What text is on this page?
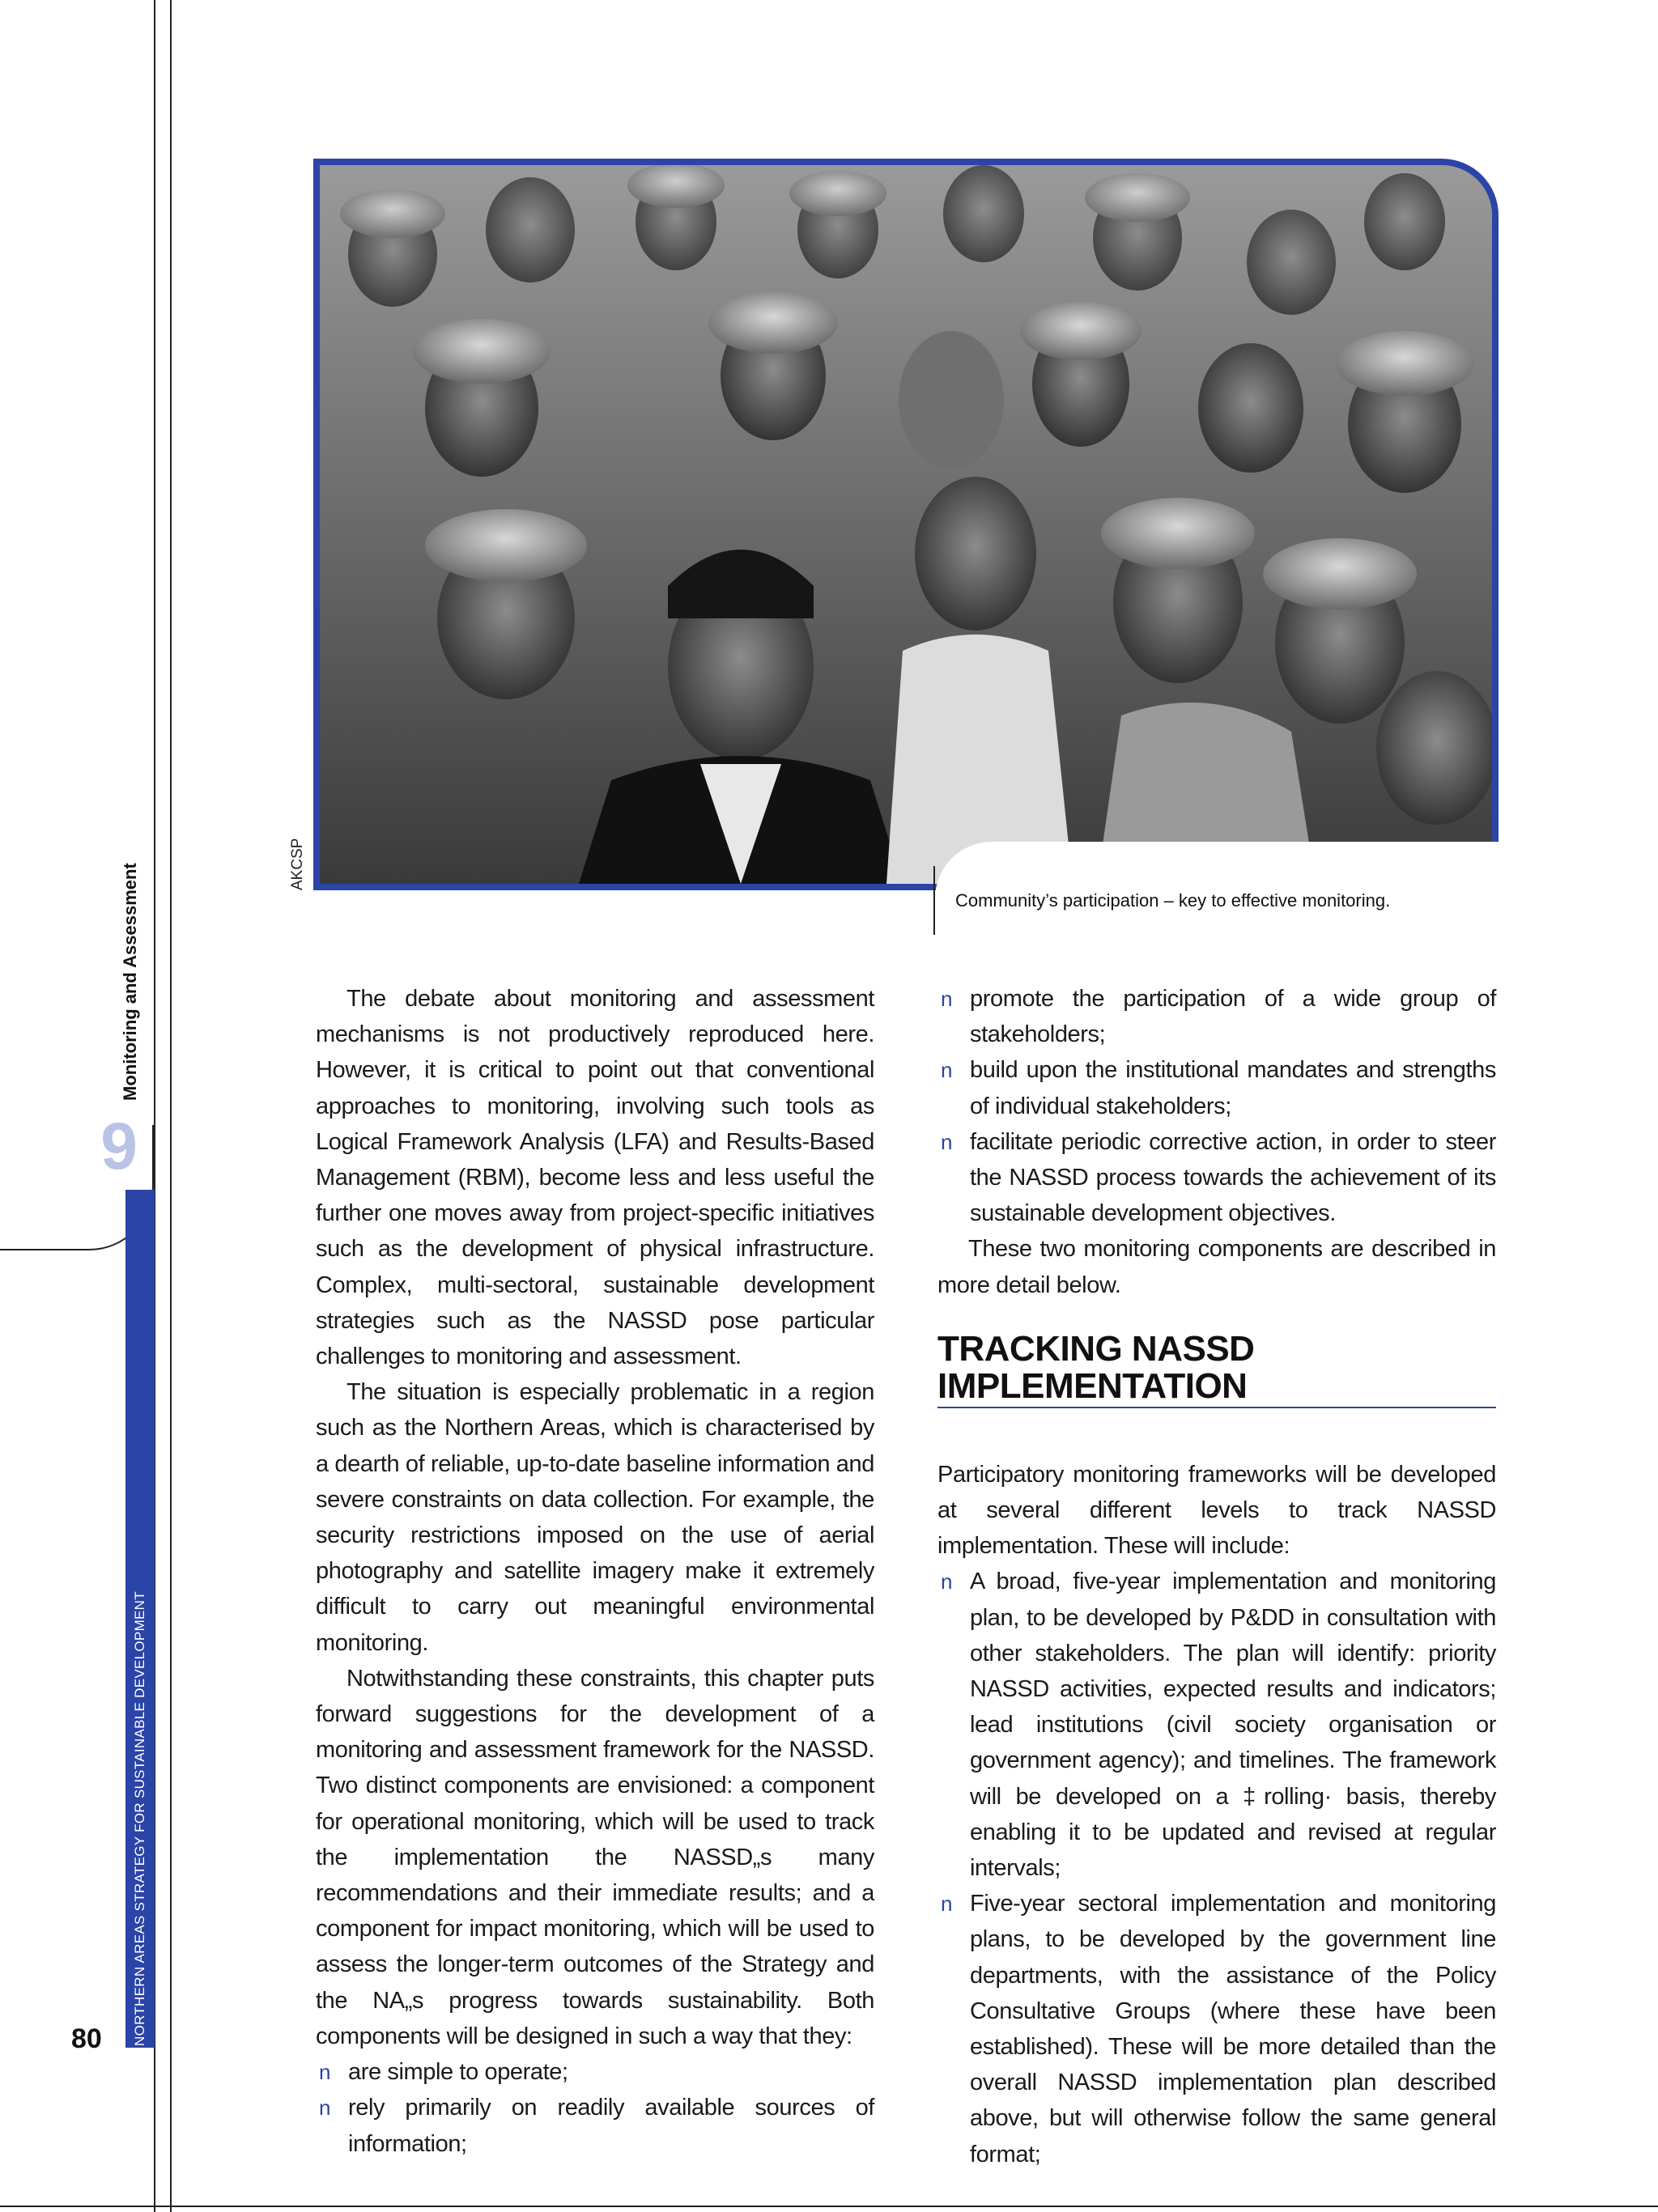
9
Monitoring and Assessment
NORTHERN AREAS STRATEGY FOR SUSTAINABLE DEVELOPMENT
80
Community’s participation – key to effective monitoring.
AKCSP

The debate about monitoring and assessment mechanisms is not productively reproduced here. However, it is critical to point out that conventional approaches to monitoring, involving such tools as Logical Framework Analysis (LFA) and Results-Based Management (RBM), become less and less useful the further one moves away from project-specific initiatives such as the development of physical infrastructure. Complex, multi-sectoral, sustainable development strategies such as the NASSD pose particular challenges to monitoring and assessment.

The situation is especially problematic in a region such as the Northern Areas, which is characterised by a dearth of reliable, up-to-date baseline information and severe constraints on data collection. For example, the security restrictions imposed on the use of aerial photography and satellite imagery make it extremely difficult to carry out meaningful environmental monitoring.

Notwithstanding these constraints, this chapter puts forward suggestions for the development of a monitoring and assessment framework for the NASSD. Two distinct components are envisioned: a component for operational monitoring, which will be used to track the implementation the NASSD„s many recommendations and their immediate results; and a component for impact monitoring, which will be used to assess the longer-term outcomes of the Strategy and the NA„s progress towards sustainability. Both components will be designed in such a way that they:

n are simple to operate;
n rely primarily on readily available sources of information;
n promote the participation of a wide group of stakeholders;
n build upon the institutional mandates and strengths of individual stakeholders;
n facilitate periodic corrective action, in order to steer the NASSD process towards the achievement of its sustainable development objectives.

These two monitoring components are described in more detail below.

TRACKING NASSD
IMPLEMENTATION

Participatory monitoring frameworks will be developed at several different levels to track NASSD implementation. These will include:

n A broad, five-year implementation and monitoring plan, to be developed by P&DD in consultation with other stakeholders. The plan will identify: priority NASSD activities, expected results and indicators; lead institutions (civil society organisation or government agency); and timelines. The framework will be developed on a ‡rolling· basis, thereby enabling it to be updated and revised at regular intervals;
n Five-year sectoral implementation and monitoring plans, to be developed by the government line departments, with the assistance of the Policy Consultative Groups (where these have been established). These will be more detailed than the overall NASSD implementation plan described above, but will otherwise follow the same general format;
